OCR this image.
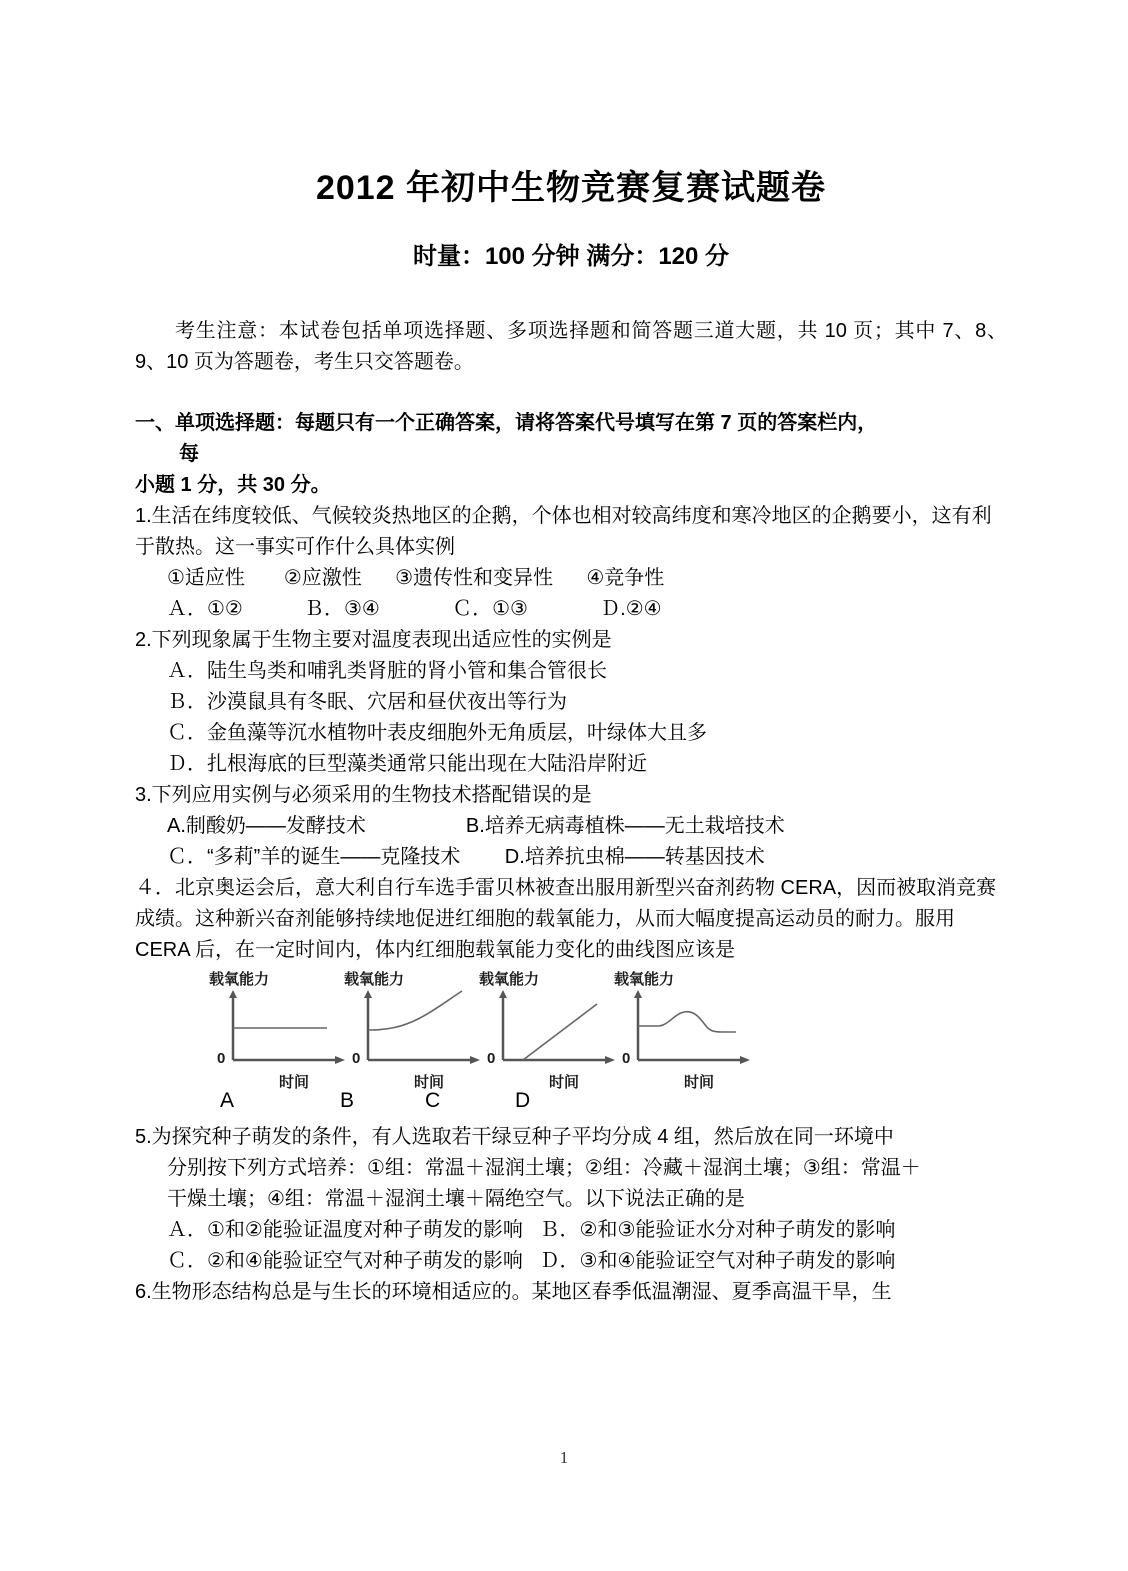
2012 年初中生物竞赛复赛试题卷
时量：100 分钟 满分：120 分

考生注意：本试卷包括单项选择题、多项选择题和简答题三道大题，共 10 页；其中 7、8、9、10 页为答题卷，考生只交答题卷。

一、单项选择题：每题只有一个正确答案，请将答案代号填写在第 7 页的答案栏内，
每

小题 1 分，共 30 分。

1.生活在纬度较低、气候较炎热地区的企鹅，个体也相对较高纬度和寒冷地区的企鹅要小，这有利于散热。这一事实可作什么具体实例

①适应性       ②应激性      ③遗传性和变异性      ④竞争性

Ａ．①②           Ｂ．③④             Ｃ．①③             Ｄ.②④

2.下列现象属于生物主要对温度表现出适应性的实例是

Ａ．陆生鸟类和哺乳类肾脏的肾小管和集合管很长

Ｂ．沙漠鼠具有冬眠、穴居和昼伏夜出等行为

Ｃ．金鱼藻等沉水植物叶表皮细胞外无角质层，叶绿体大且多

Ｄ．扎根海底的巨型藻类通常只能出现在大陆沿岸附近

3.下列应用实例与必须采用的生物技术搭配错误的是

A.制酸奶——发酵技术                  B.培养无病毒植株——无土栽培技术

Ｃ．“多莉”羊的诞生——克隆技术        D.培养抗虫棉——转基因技术

４．北京奥运会后，意大利自行车选手雷贝林被查出服用新型兴奋剂药物 CERA，因而被取消竞赛成绩。这种新兴奋剂能够持续地促进红细胞的载氧能力，从而大幅度提高运动员的耐力。服用 CERA 后，在一定时间内，体内红细胞载氧能力变化的曲线图应该是

载氧能力
0
时间
载氧能力
0
时间
载氧能力
0
时间
载氧能力
0
时间
A	B	C	D

5.为探究种子萌发的条件，有人选取若干绿豆种子平均分成 4 组，然后放在同一环境中

分别按下列方式培养：①组：常温＋湿润土壤；②组：冷藏＋湿润土壤；③组：常温＋

干燥土壤；④组：常温＋湿润土壤＋隔绝空气。以下说法正确的是

Ａ．①和②能验证温度对种子萌发的影响   Ｂ．②和③能验证水分对种子萌发的影响

Ｃ．②和④能验证空气对种子萌发的影响   Ｄ．③和④能验证空气对种子萌发的影响

6.生物形态结构总是与生长的环境相适应的。某地区春季低温潮湿、夏季高温干旱，生

1
